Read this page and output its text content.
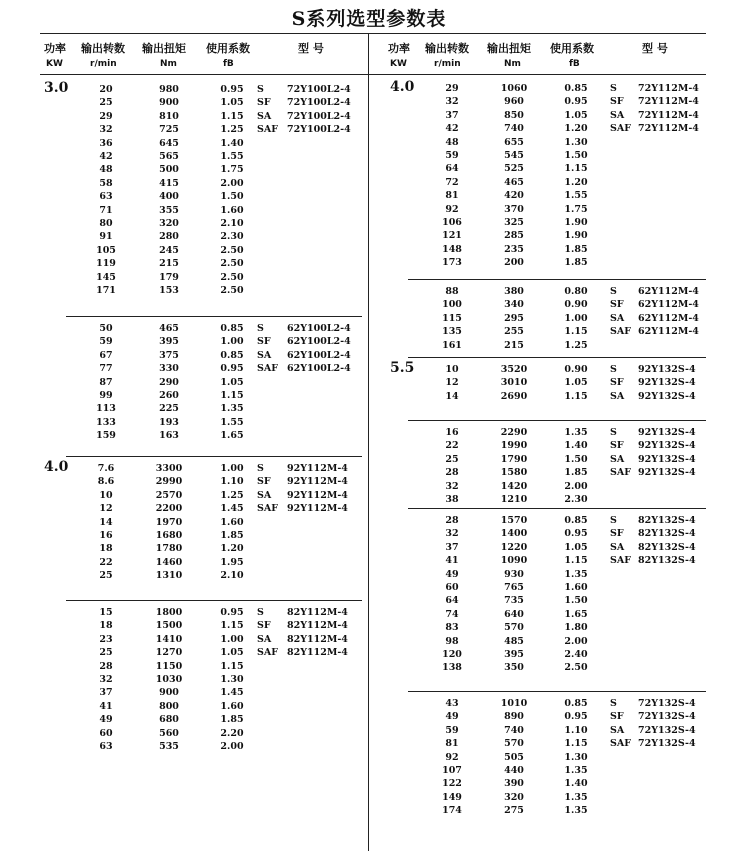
S系列选型参数表
功率 输出转数 输出扭矩 使用系数	型 号
KW	r/min	Nm	fB
功率 输出转数 输出扭矩 使用系数	型 号
KW	r/min	Nm	fB
3.0	20	980	0.95	S 72Y100L2-4
25	900	1.05	SF 72Y100L2-4
29	810	1.15	SA 72Y100L2-4
32	725	1.25	SAF 72Y100L2-4
36	645	1.40
42	565	1.55
48	500	1.75
58	415	2.00
63	400	1.50
71	355	1.60
80	320	2.10
91	280	2.30
105	245	2.50
119	215	2.50
145	179	2.50
171	153	2.50
50	465	0.85	S 62Y100L2-4
59	395	1.00	SF 62Y100L2-4
67	375	0.85	SA 62Y100L2-4
77	330	0.95	SAF 62Y100L2-4
87	290	1.05
99	260	1.15
113	225	1.35
133	193	1.55
159	163	1.65
4.0	7.6	3300	1.00	S 92Y112M-4
8.6	2990	1.10	SF 92Y112M-4
10	2570	1.25	SA 92Y112M-4
12	2200	1.45	SAF 92Y112M-4
14	1970	1.60
16	1680	1.85
18	1780	1.20
22	1460	1.95
25	1310	2.10
15	1800	0.95	S 82Y112M-4
18	1500	1.15	SF 82Y112M-4
23	1410	1.00	SA 82Y112M-4
25	1270	1.05	SAF 82Y112M-4
28	1150	1.15
32	1030	1.30
37	900	1.45
41	800	1.60
49	680	1.85
60	560	2.20
63	535	2.00
4.0	29	1060	0.85	S 72Y112M-4
32	960	0.95	SF 72Y112M-4
37	850	1.05	SA 72Y112M-4
42	740	1.20	SAF 72Y112M-4
48	655	1.30
59	545	1.50
64	525	1.15
72	465	1.20
81	420	1.55
92	370	1.75
106	325	1.90
121	285	1.90
148	235	1.85
173	200	1.85
88	380	0.80	S 62Y112M-4
100	340	0.90	SF 62Y112M-4
115	295	1.00	SA 62Y112M-4
135	255	1.15	SAF 62Y112M-4
161	215	1.25
5.5	10	3520	0.90	S 92Y132S-4
12	3010	1.05	SF 92Y132S-4
14	2690	1.15	SA 92Y132S-4
16	2290	1.35	S 92Y132S-4
22	1990	1.40	SF 92Y132S-4
25	1790	1.50	SA 92Y132S-4
28	1580	1.85	SAF 92Y132S-4
32	1420	2.00
38	1210	2.30
28	1570	0.85	S 82Y132S-4
32	1400	0.95	SF 82Y132S-4
37	1220	1.05	SA 82Y132S-4
41	1090	1.15	SAF 82Y132S-4
49	930	1.35
60	765	1.60
64	735	1.50
74	640	1.65
83	570	1.80
98	485	2.00
120	395	2.40
138	350	2.50
43	1010	0.85	S 72Y132S-4
49	890	0.95	SF 72Y132S-4
59	740	1.10	SA 72Y132S-4
81	570	1.15	SAF 72Y132S-4
92	505	1.30
107	440	1.35
122	390	1.40
149	320	1.35
174	275	1.35
